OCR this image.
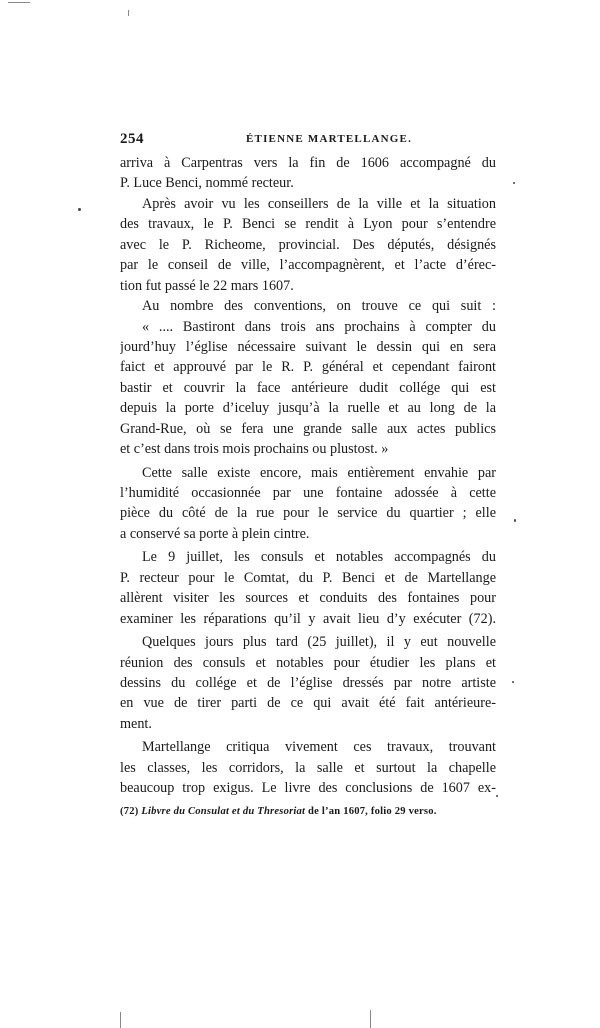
254	ÉTIENNE MARTELLANGE.
arriva à Carpentras vers la fin de 1606 accompagné du
P. Luce Benci, nommé recteur.
Après avoir vu les conseillers de la ville et la situation
des travaux, le P. Benci se rendit à Lyon pour s’entendre
avec le P. Richeome, provincial. Des députés, désignés
par le conseil de ville, l’accompagnèrent, et l’acte d’érec-
tion fut passé le 22 mars 1607.
Au nombre des conventions, on trouve ce qui suit :
« .... Bastiront dans trois ans prochains à compter du
jourd’huy l’église nécessaire suivant le dessin qui en sera
faict et approuvé par le R. P. général et cependant fairont
bastir et couvrir la face antérieure dudit collége qui est
depuis la porte d’iceluy jusqu’à la ruelle et au long de la
Grand-Rue, où se fera une grande salle aux actes publics
et c’est dans trois mois prochains ou plustost. »
Cette salle existe encore, mais entièrement envahie par
l’humidité occasionnée par une fontaine adossée à cette
pièce du côté de la rue pour le service du quartier ; elle
a conservé sa porte à plein cintre.
Le 9 juillet, les consuls et notables accompagnés du
P. recteur pour le Comtat, du P. Benci et de Martellange
allèrent visiter les sources et conduits des fontaines pour
examiner les réparations qu’il y avait lieu d’y exécuter (72).
Quelques jours plus tard (25 juillet), il y eut nouvelle
réunion des consuls et notables pour étudier les plans et
dessins du collége et de l’église dressés par notre artiste
en vue de tirer parti de ce qui avait été fait antérieure-
ment.
Martellange critiqua vivement ces travaux, trouvant
les classes, les corridors, la salle et surtout la chapelle
beaucoup trop exigus. Le livre des conclusions de 1607 ex-
(72) Libvre du Consulat et du Thresoriat de l’an 1607, folio 29 verso.
